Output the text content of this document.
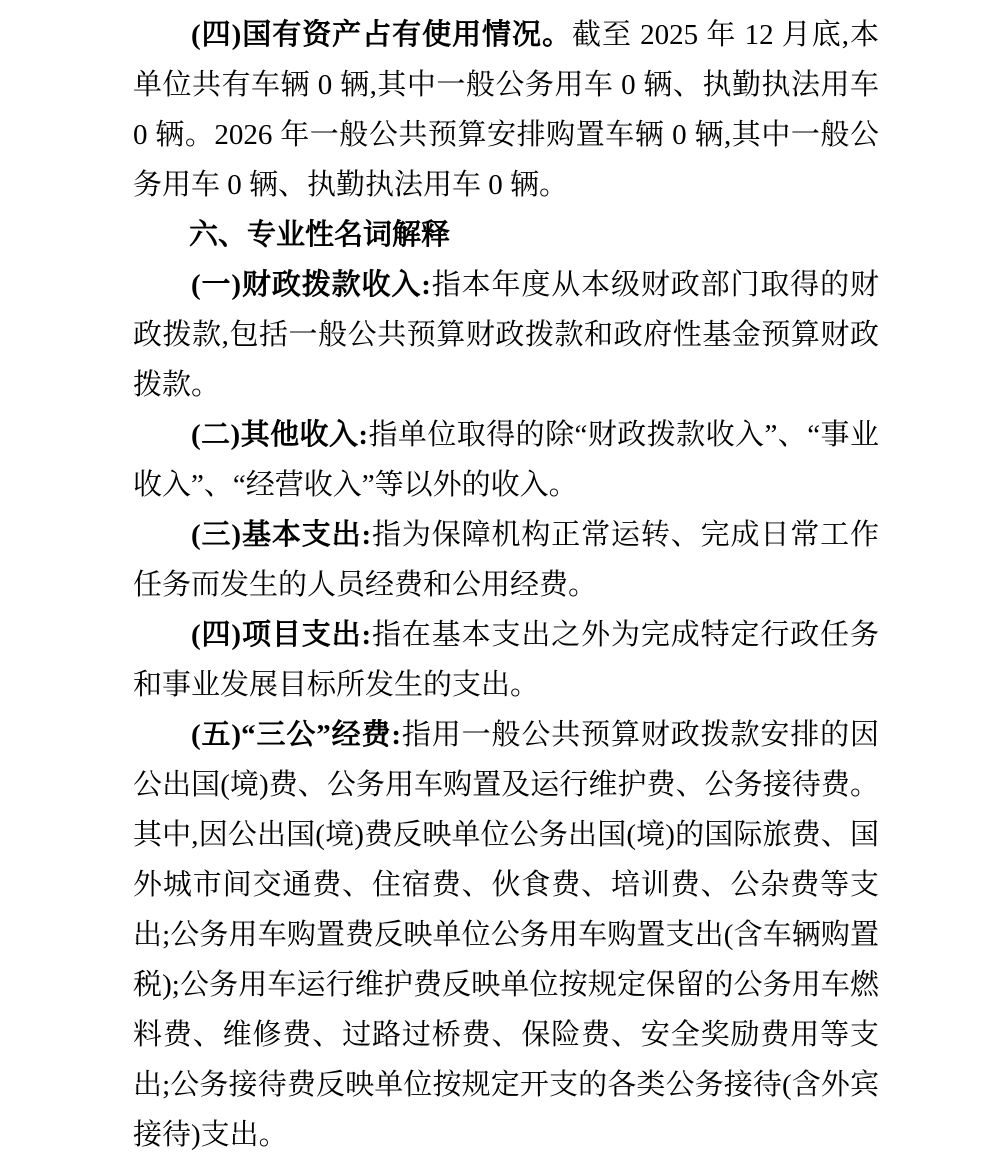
(四)国有资产占有使用情况。截至 2025 年 12 月底,本单位共有车辆 0 辆,其中一般公务用车 0 辆、执勤执法用车 0 辆。2026 年一般公共预算安排购置车辆 0 辆,其中一般公务用车 0 辆、执勤执法用车 0 辆。

六、专业性名词解释

(一)财政拨款收入:指本年度从本级财政部门取得的财政拨款,包括一般公共预算财政拨款和政府性基金预算财政拨款。

(二)其他收入:指单位取得的除“财政拨款收入”、“事业收入”、“经营收入”等以外的收入。

(三)基本支出:指为保障机构正常运转、完成日常工作任务而发生的人员经费和公用经费。

(四)项目支出:指在基本支出之外为完成特定行政任务和事业发展目标所发生的支出。

(五)“三公”经费:指用一般公共预算财政拨款安排的因公出国(境)费、公务用车购置及运行维护费、公务接待费。其中,因公出国(境)费反映单位公务出国(境)的国际旅费、国外城市间交通费、住宿费、伙食费、培训费、公杂费等支出;公务用车购置费反映单位公务用车购置支出(含车辆购置税);公务用车运行维护费反映单位按规定保留的公务用车燃料费、维修费、过路过桥费、保险费、安全奖励费用等支出;公务接待费反映单位按规定开支的各类公务接待(含外宾接待)支出。
